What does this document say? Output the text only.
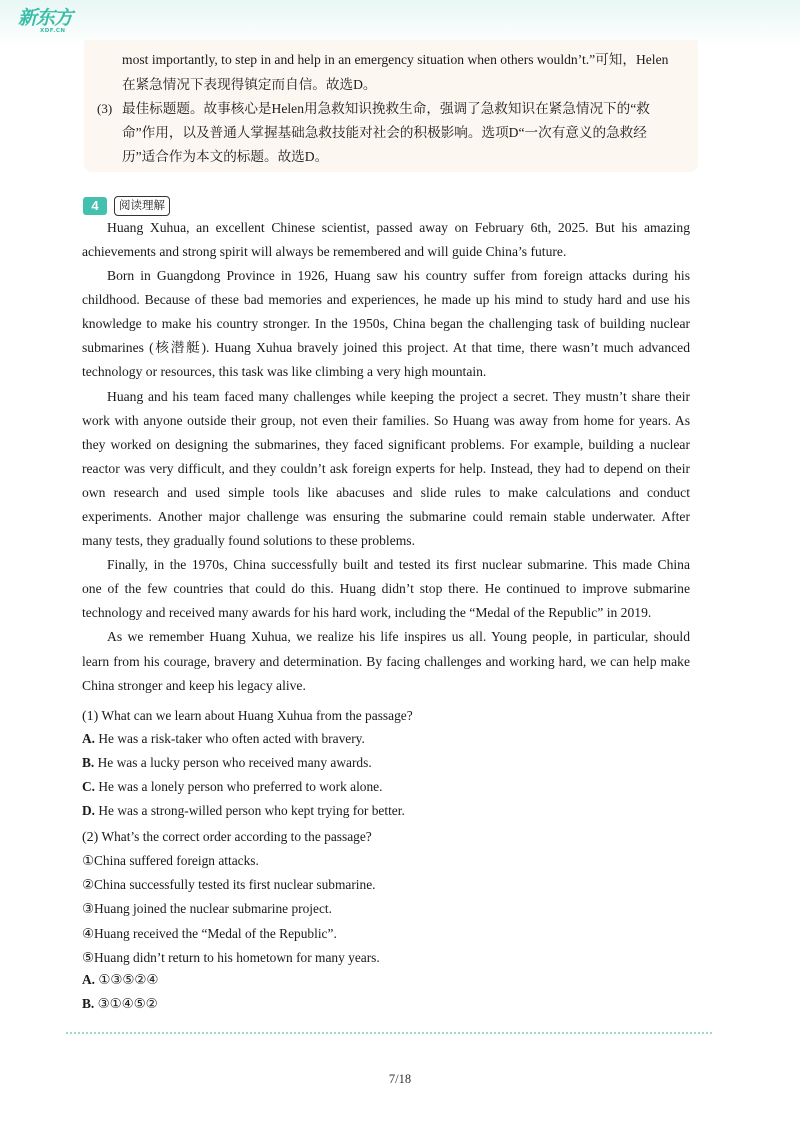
新东方
XDF.CN
most importantly, to step in and help in an emergency situation when others wouldn’t.”可知，Helen
在紧急情况下表现得镇定而自信。故选D。
(3) 最佳标题题。故事核心是Helen用急救知识挽救生命，强调了急救知识在紧急情况下的“救
命”作用，以及普通人掌握基础急救技能对社会的积极影响。选项D“一次有意义的急救经
历”适合作为本文的标题。故选D。
4	阅读理解
Huang Xuhua, an excellent Chinese scientist, passed away on February 6th, 2025. But his amazing
achievements and strong spirit will always be remembered and will guide China’s future.
Born in Guangdong Province in 1926, Huang saw his country suffer from foreign attacks during his
childhood. Because of these bad memories and experiences, he made up his mind to study hard and use his
knowledge to make his country stronger. In the 1950s, China began the challenging task of building nuclear
submarines (核潜艇). Huang Xuhua bravely joined this project. At that time, there wasn’t much advanced
technology or resources, this task was like climbing a very high mountain.
Huang and his team faced many challenges while keeping the project a secret. They mustn’t share their
work with anyone outside their group, not even their families. So Huang was away from home for years. As
they worked on designing the submarines, they faced significant problems. For example, building a nuclear
reactor was very difficult, and they couldn’t ask foreign experts for help. Instead, they had to depend on their
own research and used simple tools like abacuses and slide rules to make calculations and conduct
experiments. Another major challenge was ensuring the submarine could remain stable underwater. After
many tests, they gradually found solutions to these problems.
Finally, in the 1970s, China successfully built and tested its first nuclear submarine. This made China
one of the few countries that could do this. Huang didn’t stop there. He continued to improve submarine
technology and received many awards for his hard work, including the “Medal of the Republic” in 2019.
As we remember Huang Xuhua, we realize his life inspires us all. Young people, in particular, should
learn from his courage, bravery and determination. By facing challenges and working hard, we can help make
China stronger and keep his legacy alive.
(1) What can we learn about Huang Xuhua from the passage?
A. He was a risk-taker who often acted with bravery.
B. He was a lucky person who received many awards.
C. He was a lonely person who preferred to work alone.
D. He was a strong-willed person who kept trying for better.
(2) What’s the correct order according to the passage?
①China suffered foreign attacks.
②China successfully tested its first nuclear submarine.
③Huang joined the nuclear submarine project.
④Huang received the “Medal of the Republic”.
⑤Huang didn’t return to his hometown for many years.
A. ①③⑤②④
B. ③①④⑤②
7/18
